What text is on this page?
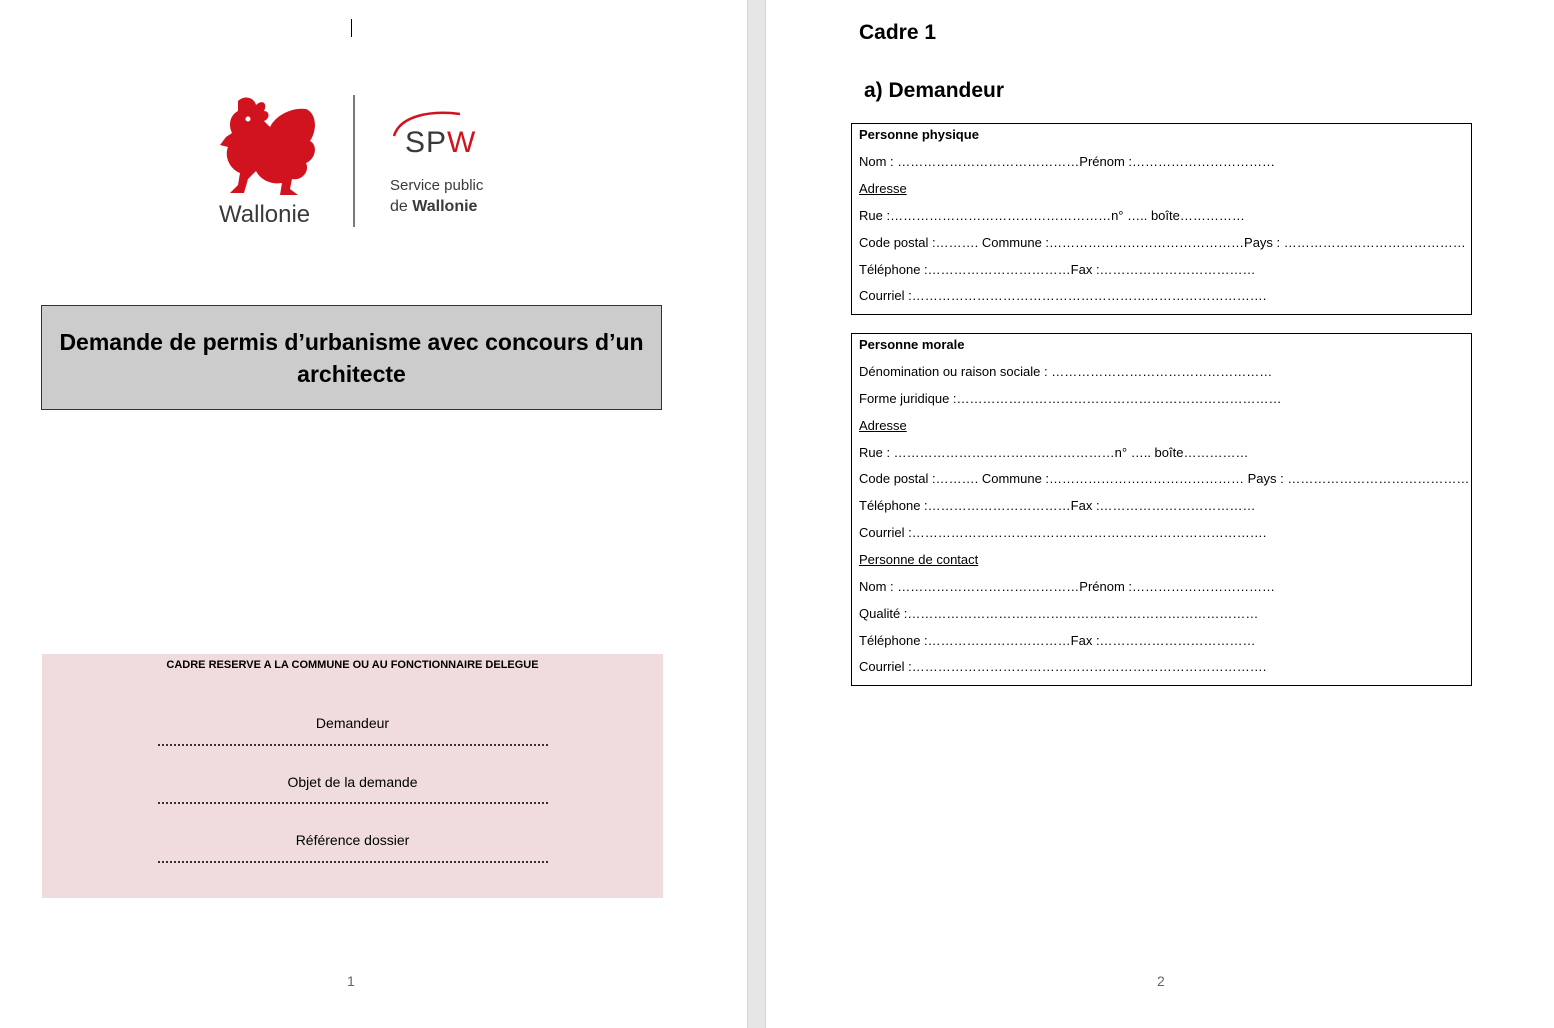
Wallonie
SPW
Service public
de Wallonie
Demande de permis d’urbanisme avec concours d’un architecte
CADRE RESERVE A LA COMMUNE OU AU FONCTIONNAIRE DELEGUE
Demandeur
Objet de la demande
Référence dossier
1
Cadre 1
a) Demandeur
Personne physique
Nom : ……………………………………Prénom :……………………………
Adresse
Rue :……………………………………………n° ….. boîte……………
Code postal :………. Commune :………………………………………Pays : ……………………………………
Téléphone :……………………………Fax :………………………………
Courriel :……………………………………………………………………….
Personne morale
Dénomination ou raison sociale : ……………………………………………
Forme juridique :…………………………………………………………………
Adresse
Rue : ……………………………………………n° ….. boîte……………
Code postal :………. Commune :……………………………………… Pays : ……………………………………
Téléphone :……………………………Fax :………………………………
Courriel :……………………………………………………………………….
Personne de contact
Nom : ……………………………………Prénom :……………………………
Qualité :………………………………………………………………………
Téléphone :……………………………Fax :………………………………
Courriel :……………………………………………………………………….
2
